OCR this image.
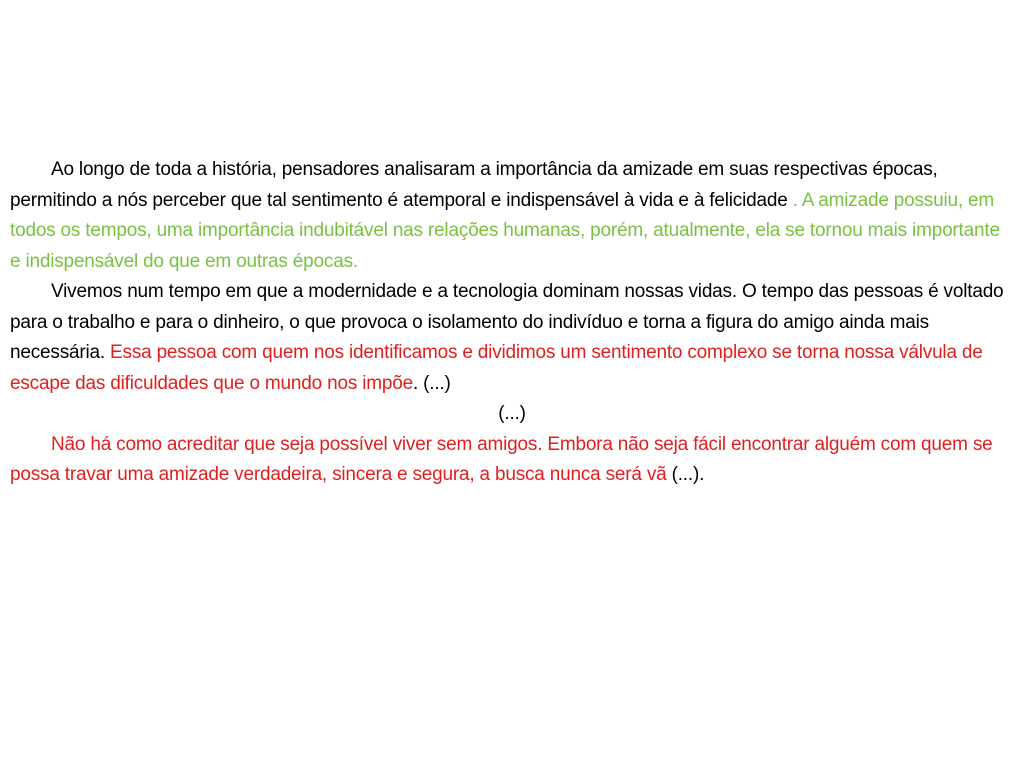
Ao longo de toda a história, pensadores analisaram a importância da amizade em suas respectivas épocas, permitindo a nós perceber que tal sentimento é atemporal e indispensável à vida e à felicidade . A amizade possuiu, em todos os tempos, uma importância indubitável nas relações humanas, porém, atualmente, ela se tornou mais importante e indispensável do que em outras épocas.

Vivemos num tempo em que a modernidade e a tecnologia dominam nossas vidas. O tempo das pessoas é voltado para o trabalho e para o dinheiro, o que provoca o isolamento do indivíduo e torna a figura do amigo ainda mais necessária. Essa pessoa com quem nos identificamos e dividimos um sentimento complexo se torna nossa válvula de escape das dificuldades que o mundo nos impõe. (...)

(...)

Não há como acreditar que seja possível viver sem amigos. Embora não seja fácil encontrar alguém com quem se possa travar uma amizade verdadeira, sincera e segura, a busca nunca será vã (...).
